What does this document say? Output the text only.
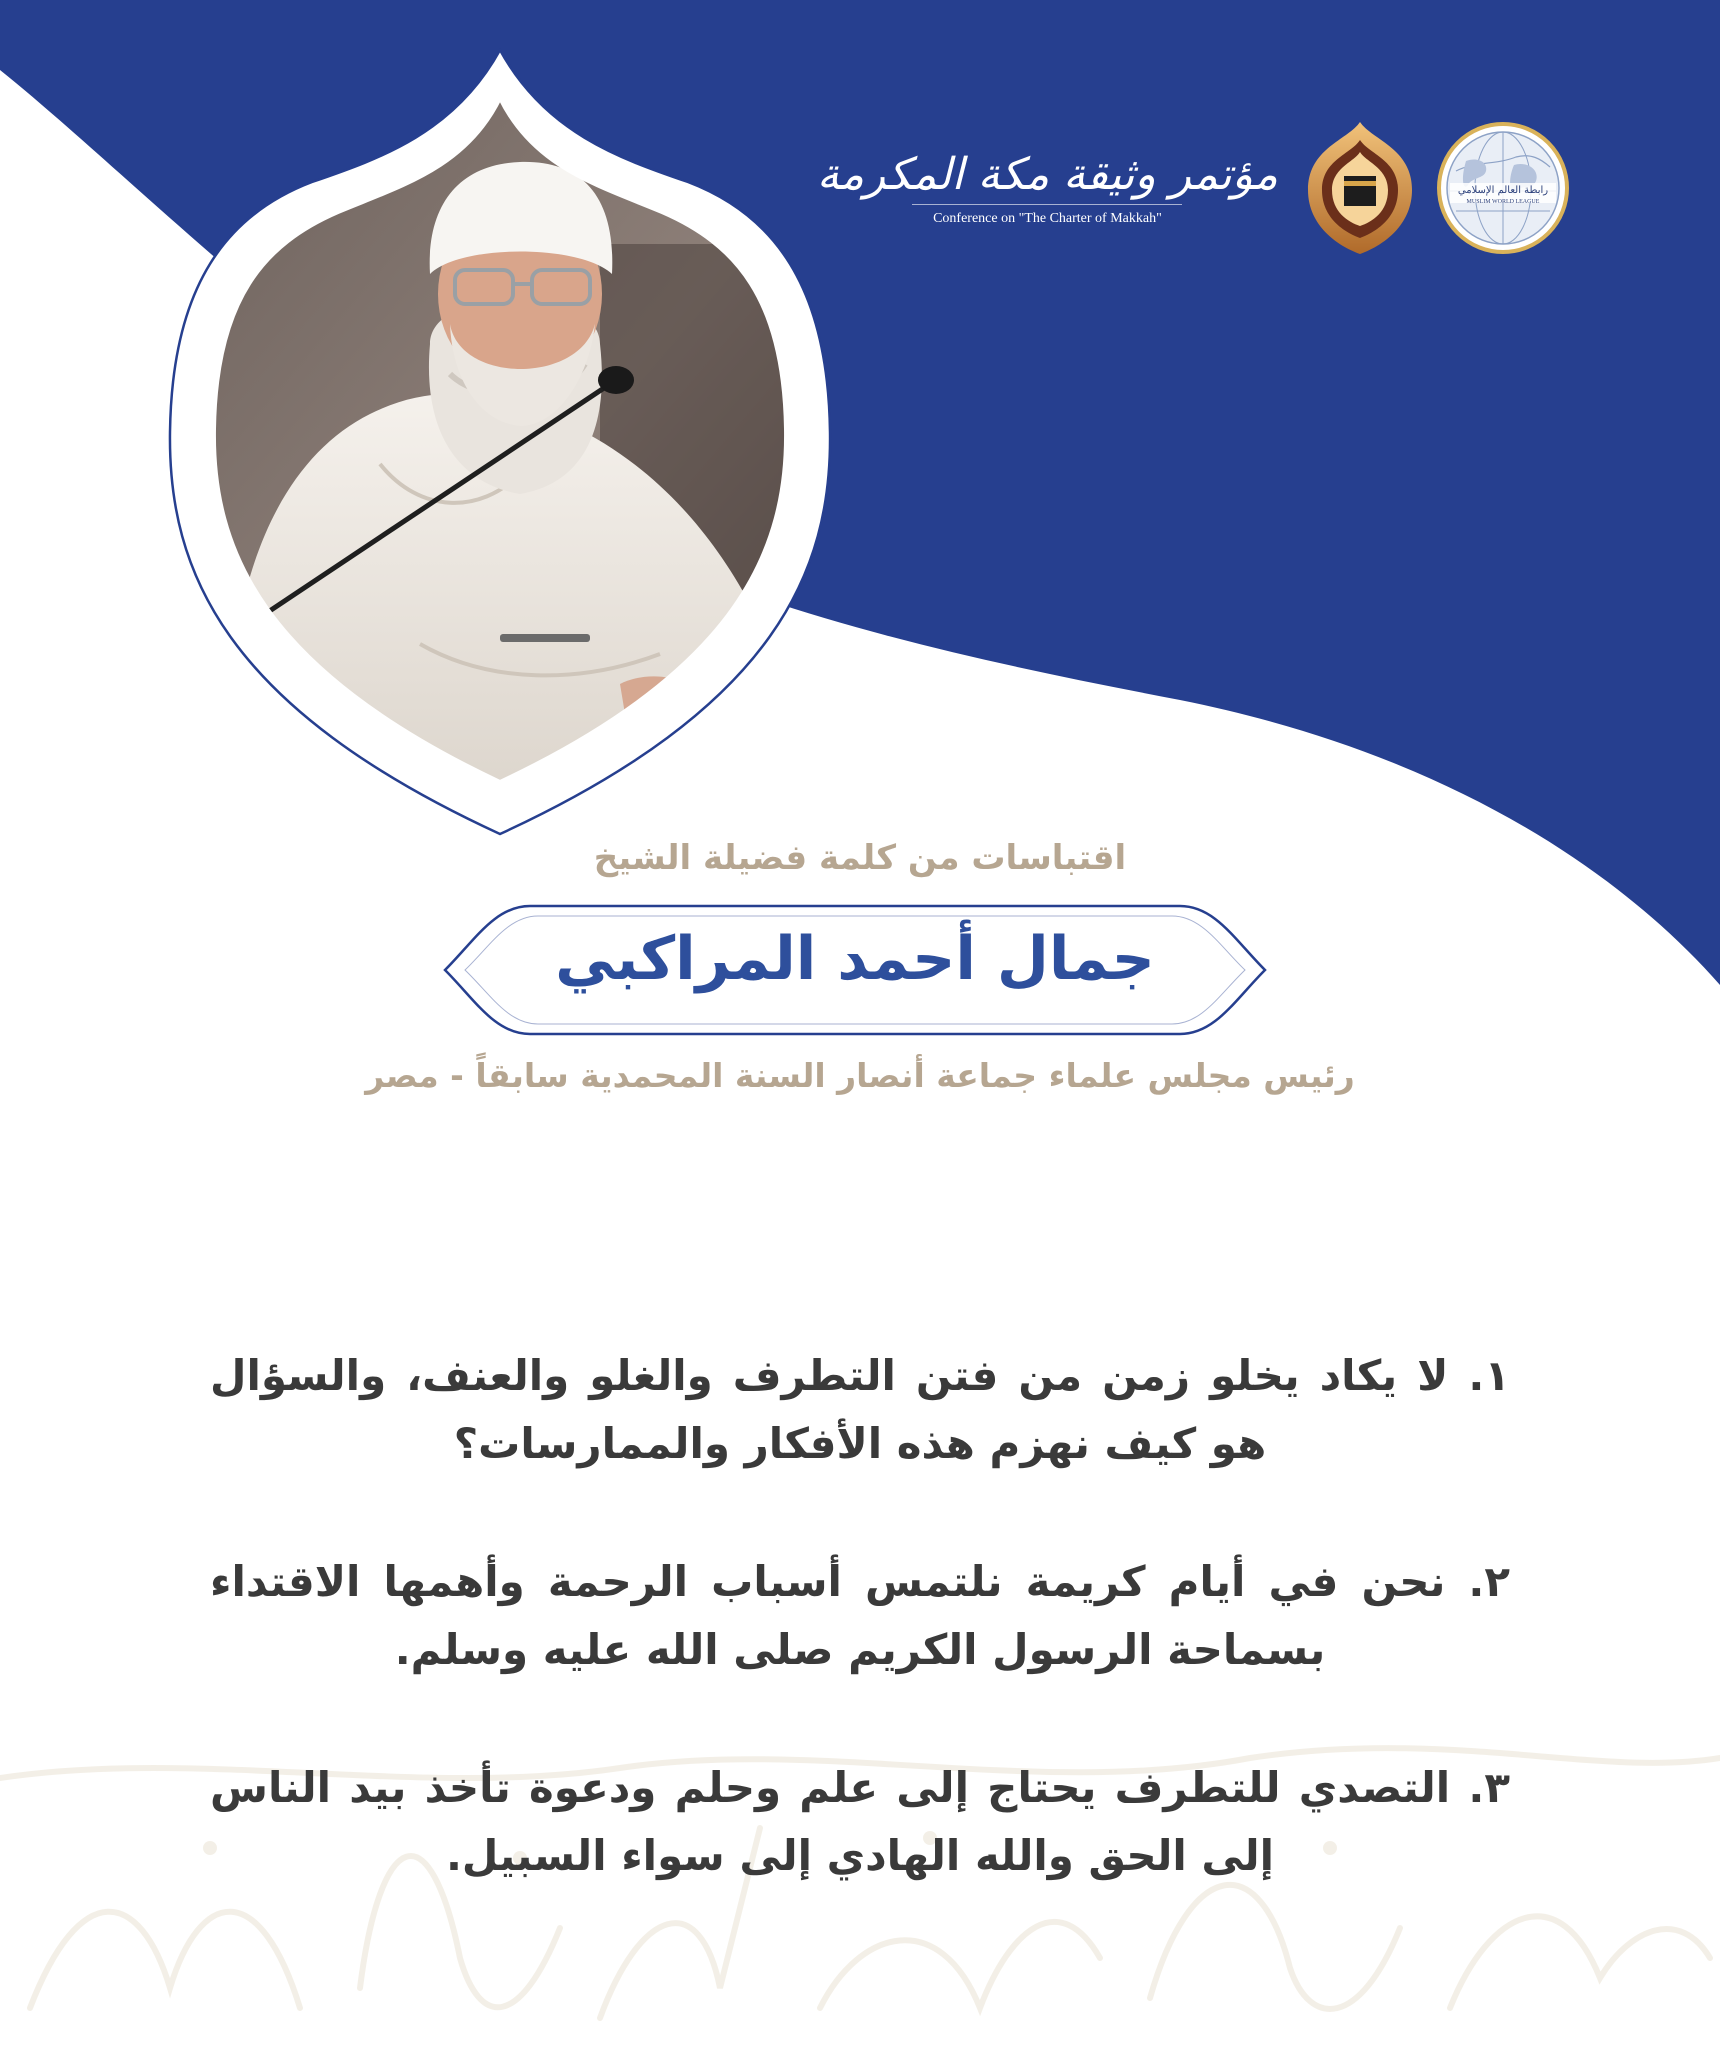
مؤتمر وثيقة مكة المكرمة
Conference on "The Charter of Makkah"
رابطة العالم الإسلامي
MUSLIM WORLD LEAGUE
اقتباسات من كلمة فضيلة الشيخ
جمال أحمد المراكبي
رئيس مجلس علماء جماعة أنصار السنة المحمدية سابقاً - مصر

١. لا يكاد يخلو زمن من فتن التطرف والغلو والعنف، والسؤال هو كيف نهزم هذه الأفكار والممارسات؟

٢. نحن في أيام كريمة نلتمس أسباب الرحمة وأهمها الاقتداء بسماحة الرسول الكريم صلى الله عليه وسلم.

٣. التصدي للتطرف يحتاج إلى علم وحلم ودعوة تأخذ بيد الناس إلى الحق والله الهادي إلى سواء السبيل.
